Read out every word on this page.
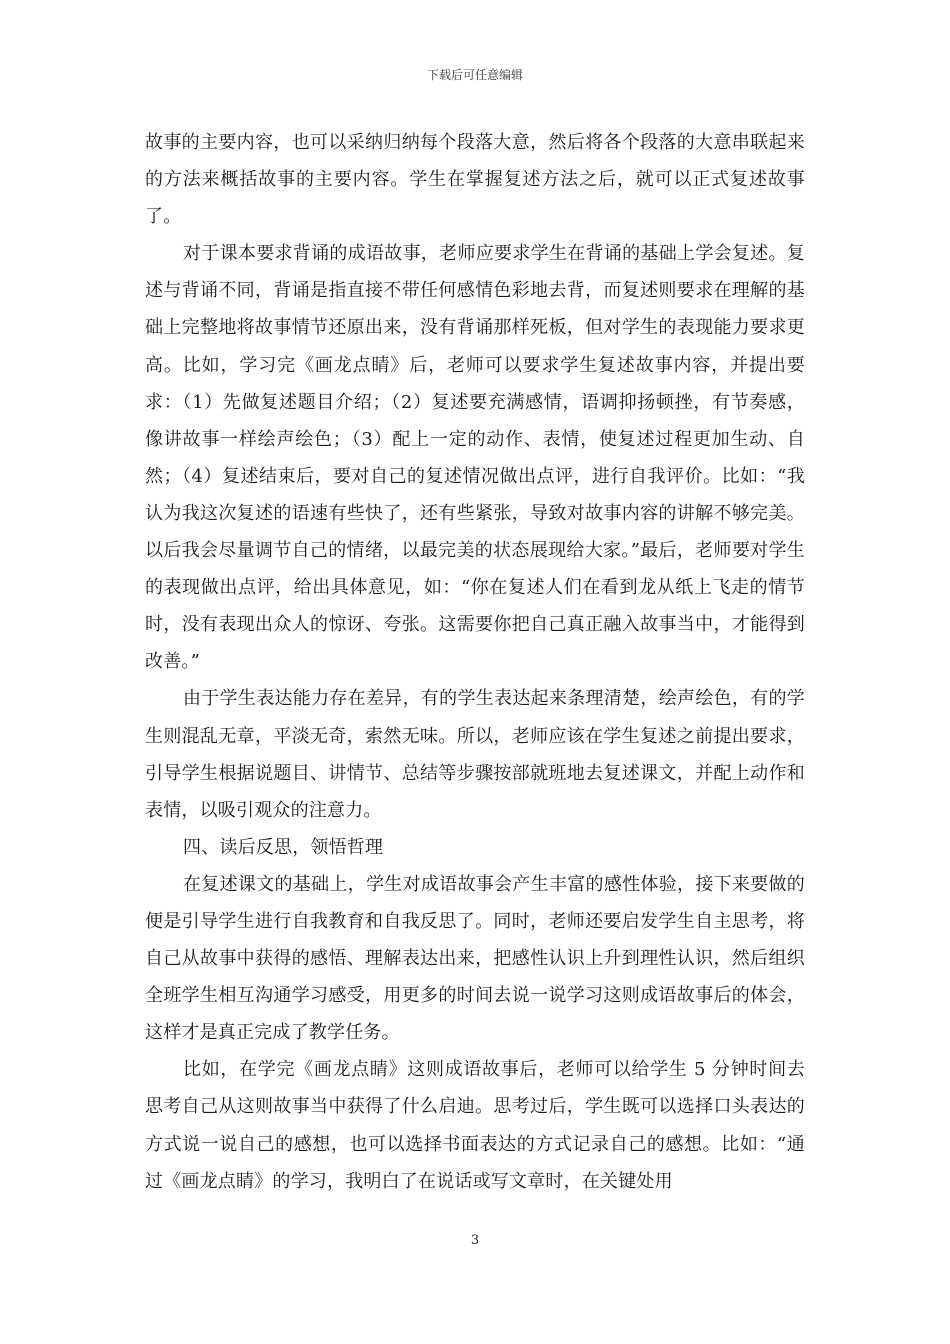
下载后可任意编辑

故事的主要内容，也可以采纳归纳每个段落大意，然后将各个段落的大意串联起来的方法来概括故事的主要内容。学生在掌握复述方法之后，就可以正式复述故事了。

对于课本要求背诵的成语故事，老师应要求学生在背诵的基础上学会复述。复述与背诵不同，背诵是指直接不带任何感情色彩地去背，而复述则要求在理解的基础上完整地将故事情节还原出来，没有背诵那样死板，但对学生的表现能力要求更高。比如，学习完《画龙点睛》后，老师可以要求学生复述故事内容，并提出要求：（1）先做复述题目介绍；（2）复述要充满感情，语调抑扬顿挫，有节奏感，像讲故事一样绘声绘色；（3）配上一定的动作、表情，使复述过程更加生动、自然；（4）复述结束后，要对自己的复述情况做出点评，进行自我评价。比如：“我认为我这次复述的语速有些快了，还有些紧张，导致对故事内容的讲解不够完美。以后我会尽量调节自己的情绪，以最完美的状态展现给大家。”最后，老师要对学生的表现做出点评，给出具体意见，如：“你在复述人们在看到龙从纸上飞走的情节时，没有表现出众人的惊讶、夸张。这需要你把自己真正融入故事当中，才能得到改善。”

由于学生表达能力存在差异，有的学生表达起来条理清楚，绘声绘色，有的学生则混乱无章，平淡无奇，索然无味。所以，老师应该在学生复述之前提出要求，引导学生根据说题目、讲情节、总结等步骤按部就班地去复述课文，并配上动作和表情，以吸引观众的注意力。

四、读后反思，领悟哲理

在复述课文的基础上，学生对成语故事会产生丰富的感性体验，接下来要做的便是引导学生进行自我教育和自我反思了。同时，老师还要启发学生自主思考，将自己从故事中获得的感悟、理解表达出来，把感性认识上升到理性认识，然后组织全班学生相互沟通学习感受，用更多的时间去说一说学习这则成语故事后的体会，这样才是真正完成了教学任务。

比如，在学完《画龙点睛》这则成语故事后，老师可以给学生 5 分钟时间去思考自己从这则故事当中获得了什么启迪。思考过后，学生既可以选择口头表达的方式说一说自己的感想，也可以选择书面表达的方式记录自己的感想。比如：“通过《画龙点睛》的学习，我明白了在说话或写文章时，在关键处用

3
